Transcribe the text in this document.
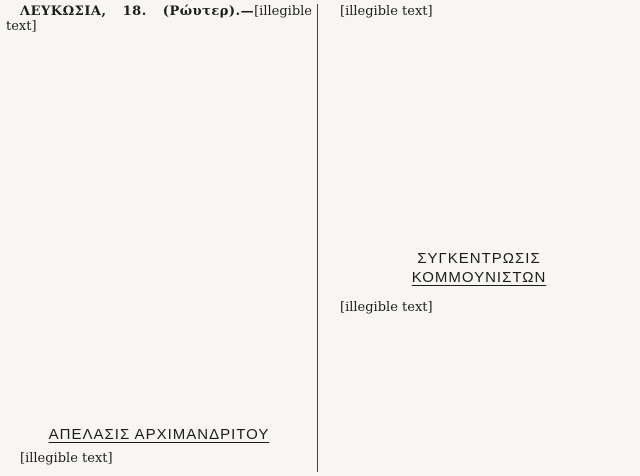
ΛΕΥΚΩΣΙΑ, 18. (Ρώυτερ).—[illegible text]

ΑΠΕΛΑΣΙΣ ΑΡΧΙΜΑΝΔΡΙΤΟΥ

[illegible text]

[illegible text]

ΣΥΓΚΕΝΤΡΩΣΙΣ

ΚΟΜΜΟΥΝΙΣΤΩΝ

[illegible text]
